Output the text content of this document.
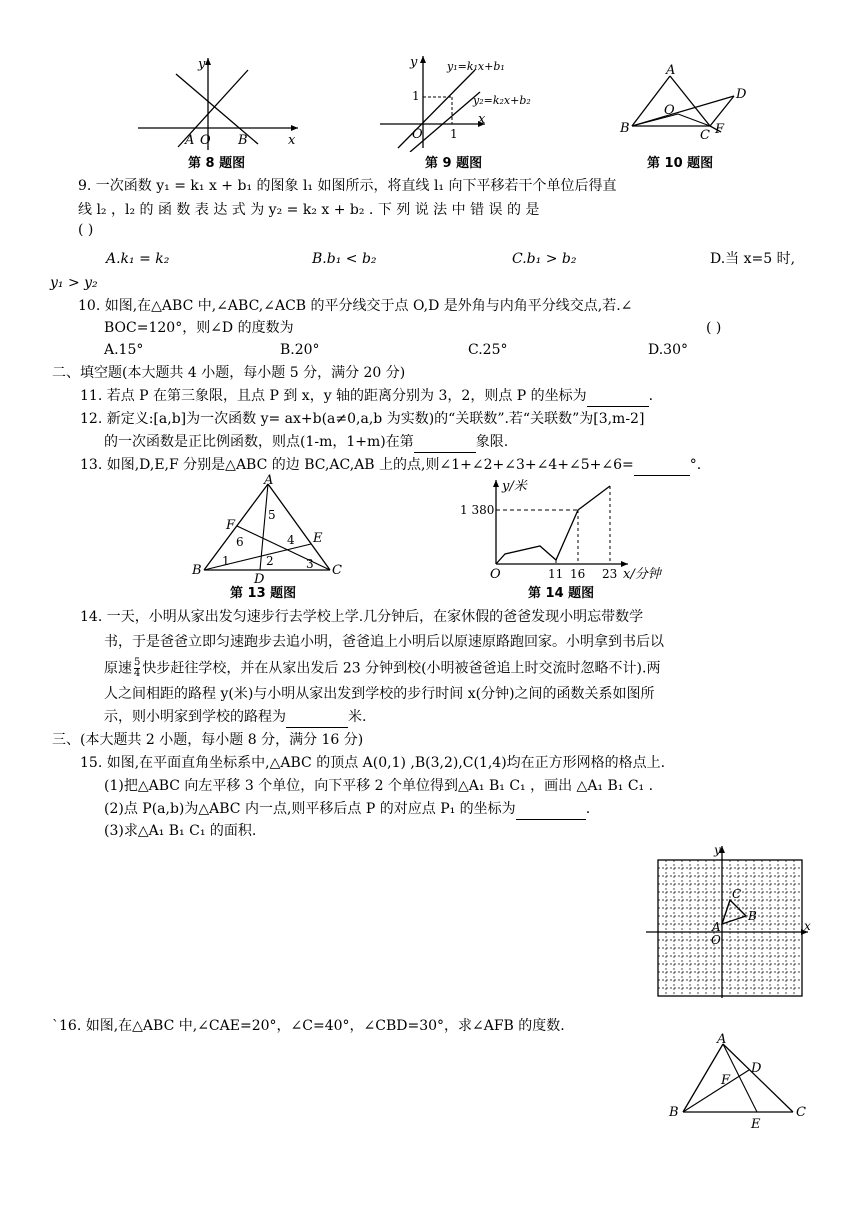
y
x
A O B
第 8 题图
y
x
O
1
1
y₁=k₁x+b₁
y₂=k₂x+b₂
第 9 题图
A
B
O
C
D
F
第 10 题图
9. 一次函数 y₁ = k₁ x + b₁ 的图象 l₁ 如图所示，将直线 l₁ 向下平移若干个单位后得直
线 l₂ ，l₂ 的 函 数 表 达 式 为 y₂ = k₂ x + b₂ . 下 列 说 法 中 错 误 的 是
( )
A.k₁ = k₂	B.b₁ < b₂	C.b₁ > b₂	D.当 x=5 时,
y₁ > y₂
10. 如图,在△ABC 中,∠ABC,∠ACB 的平分线交于点 O,D 是外角与内角平分线交点,若.∠
BOC=120°，则∠D 的度数为	( )
A.15°	B.20°	C.25°	D.30°
二、填空题(本大题共 4 小题，每小题 5 分，满分 20 分)
11. 若点 P 在第三象限，且点 P 到 x，y 轴的距离分别为 3，2，则点 P 的坐标为	.
12. 新定义:[a,b]为一次函数 y= ax+b(a≠0,a,b 为实数)的“关联数”.若“关联数”为[3,m-2]
的一次函数是正比例函数，则点(1-m，1+m)在第	象限.
13. 如图,D,E,F 分别是△ABC 的边 BC,AC,AB 上的点,则∠1+∠2+∠3+∠4+∠5+∠6=	°.
A
B	C
D
E
F
1	2	3
4
5
6
第 13 题图
y/米
x/分钟
O
1 380
11 16 23
第 14 题图
14. 一天，小明从家出发匀速步行去学校上学.几分钟后，在家休假的爸爸发现小明忘带数学
书，于是爸爸立即匀速跑步去追小明，爸爸追上小明后以原速原路跑回家。小明拿到书后以
原速 $\frac{5}{4}$ 快步赶往学校，并在从家出发后 23 分钟到校(小明被爸爸追上时交流时忽略不计).两
人之间相距的路程 y(米)与小明从家出发到学校的步行时间 x(分钟)之间的函数关系如图所
示，则小明家到学校的路程为	米.
三、(本大题共 2 小题，每小题 8 分，满分 16 分)
15. 如图,在平面直角坐标系中,△ABC 的顶点 A(0,1) ,B(3,2),C(1,4)均在正方形网格的格点上.
(1)把△ABC 向左平移 3 个单位，向下平移 2 个单位得到△A₁ B₁ C₁ ，画出 △A₁ B₁ C₁ .
(2)点 P(a,b)为△ABC 内一点,则平移后点 P 的对应点 P₁ 的坐标为	.
(3)求△A₁ B₁ C₁ 的面积.
y
x
O
A
B
C
`16. 如图,在△ABC 中,∠CAE=20°，∠C=40°，∠CBD=30°，求∠AFB 的度数.
A
B	C
D
E
F
